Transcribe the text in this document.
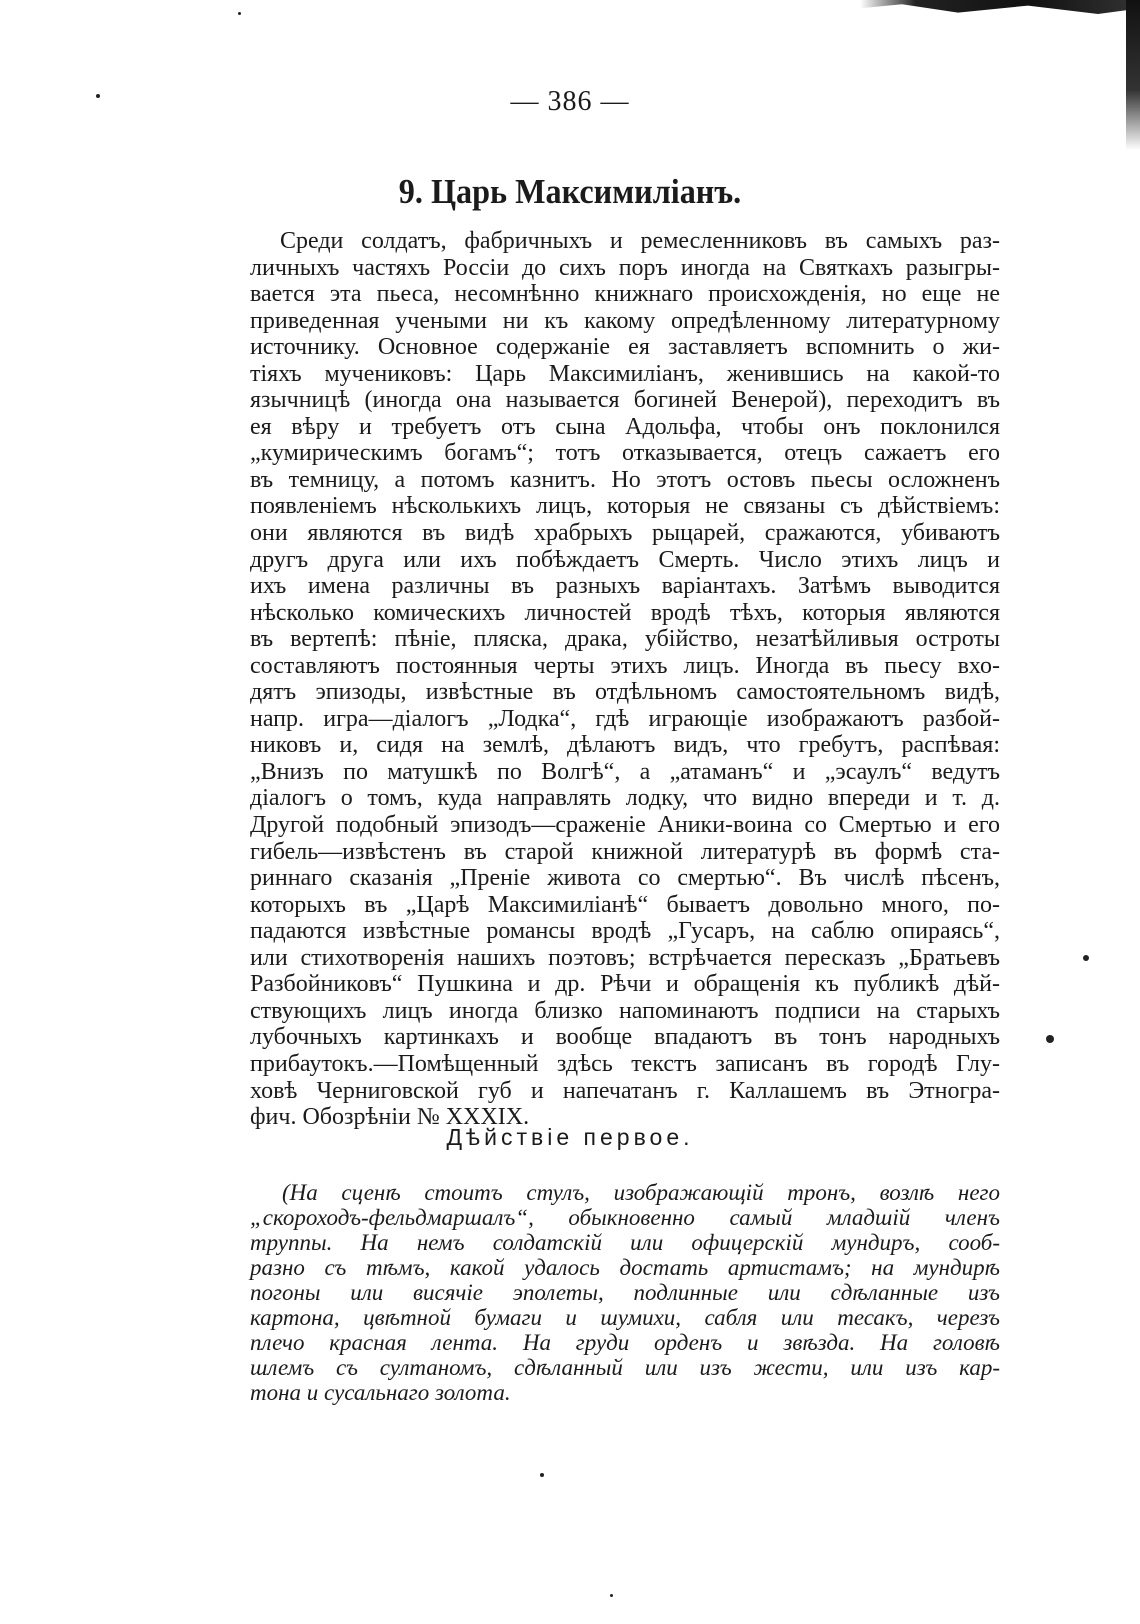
— 386 —
9. Царь Максимиліанъ.
Среди солдатъ, фабричныхъ и ремесленниковъ въ самыхъ раз-
личныхъ частяхъ Россіи до сихъ поръ иногда на Святкахъ разыгры-
вается эта пьеса, несомнѣнно книжнаго происхожденія, но еще не
приведенная учеными ни къ какому опредѣленному литературному
источнику. Основное содержаніе ея заставляетъ вспомнить о жи-
тіяхъ мучениковъ: Царь Максимиліанъ, женившись на какой-то
язычницѣ (иногда она называется богиней Венерой), переходитъ въ
ея вѣру и требуетъ отъ сына Адольфа, чтобы онъ поклонился
„кумирическимъ богамъ“; тотъ отказывается, отецъ сажаетъ его
въ темницу, а потомъ казнитъ. Но этотъ остовъ пьесы осложненъ
появленіемъ нѣсколькихъ лицъ, которыя не связаны съ дѣйствіемъ:
они являются въ видѣ храбрыхъ рыцарей, сражаются, убиваютъ
другъ друга или ихъ побѣждаетъ Смерть. Число этихъ лицъ и
ихъ имена различны въ разныхъ варіантахъ. Затѣмъ выводится
нѣсколько комическихъ личностей вродѣ тѣхъ, которыя являются
въ вертепѣ: пѣніе, пляска, драка, убійство, незатѣйливыя остроты
составляютъ постоянныя черты этихъ лицъ. Иногда въ пьесу вхо-
дятъ эпизоды, извѣстные въ отдѣльномъ самостоятельномъ видѣ,
напр. игра—діалогъ „Лодка“, гдѣ играющіе изображаютъ разбой-
никовъ и, сидя на землѣ, дѣлаютъ видъ, что гребутъ, распѣвая:
„Внизъ по матушкѣ по Волгѣ“, а „атаманъ“ и „эсаулъ“ ведутъ
діалогъ о томъ, куда направлять лодку, что видно впереди и т. д.
Другой подобный эпизодъ—сраженіе Аники-воина со Смертью и его
гибель—извѣстенъ въ старой книжной литературѣ въ формѣ ста-
риннаго сказанія „Преніе живота со смертью“. Въ числѣ пѣсенъ,
которыхъ въ „Царѣ Максимиліанѣ“ бываетъ довольно много, по-
падаются извѣстные романсы вродѣ „Гусаръ, на саблю опираясь“,
или стихотворенія нашихъ поэтовъ; встрѣчается пересказъ „Братьевъ
Разбойниковъ“ Пушкина и др. Рѣчи и обращенія къ публикѣ дѣй-
ствующихъ лицъ иногда близко напоминаютъ подписи на старыхъ
лубочныхъ картинкахъ и вообще впадаютъ въ тонъ народныхъ
прибаутокъ.—Помѣщенный здѣсь текстъ записанъ въ городѣ Глу-
ховѣ Черниговской губ и напечатанъ г. Каллашемъ въ Этногра-
фич. Обозрѣніи № XXXIX.
Дѣйствіе первое.
(На сценѣ стоитъ стулъ, изображающій тронъ, возлѣ него
„скороходъ-фельдмаршалъ“, обыкновенно самый младшій членъ
труппы. На немъ солдатскій или офицерскій мундиръ, сооб-
разно съ тѣмъ, какой удалось достать артистамъ; на мундирѣ
погоны или висячіе эполеты, подлинные или сдѣланные изъ
картона, цвѣтной бумаги и шумихи, сабля или тесакъ, черезъ
плечо красная лента. На груди орденъ и звѣзда. На головѣ
шлемъ съ султаномъ, сдѣланный или изъ жести, или изъ кар-
тона и сусальнаго золота.
